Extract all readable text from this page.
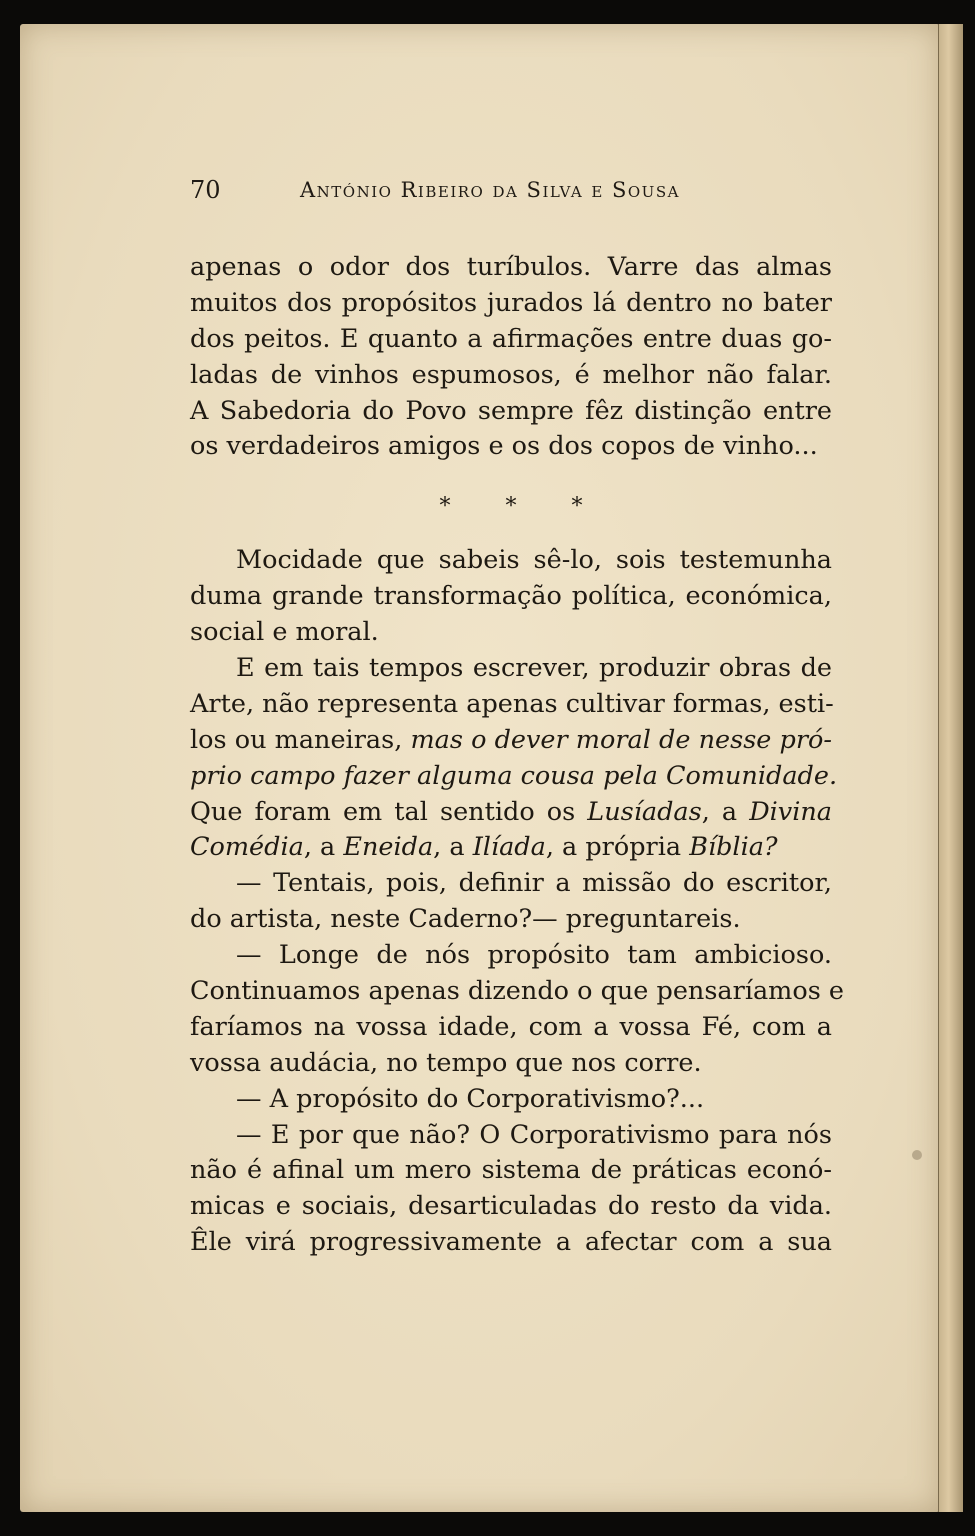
70	António Ribeiro da Silva e Sousa

apenas o odor dos turíbulos. Varre das almas
muitos dos propósitos jurados lá dentro no bater
dos peitos. E quanto a afirmações entre duas go-
ladas de vinhos espumosos, é melhor não falar.
A Sabedoria do Povo sempre fêz distinção entre
os verdadeiros amigos e os dos copos de vinho...

* * *

Mocidade que sabeis sê-lo, sois testemunha
duma grande transformação política, económica,
social e moral.

E em tais tempos escrever, produzir obras de
Arte, não representa apenas cultivar formas, esti-
los ou maneiras, mas o dever moral de nesse pró-
prio campo fazer alguma cousa pela Comunidade.
Que foram em tal sentido os Lusíadas, a Divina
Comédia, a Eneida, a Ilíada, a própria Bíblia?

— Tentais, pois, definir a missão do escritor,
do artista, neste Caderno?— preguntareis.

— Longe de nós propósito tam ambicioso.
Continuamos apenas dizendo o que pensaríamos e
faríamos na vossa idade, com a vossa Fé, com a
vossa audácia, no tempo que nos corre.

— A propósito do Corporativismo?...

— E por que não? O Corporativismo para nós
não é afinal um mero sistema de práticas econó-
micas e sociais, desarticuladas do resto da vida.
Êle virá progressivamente a afectar com a sua
